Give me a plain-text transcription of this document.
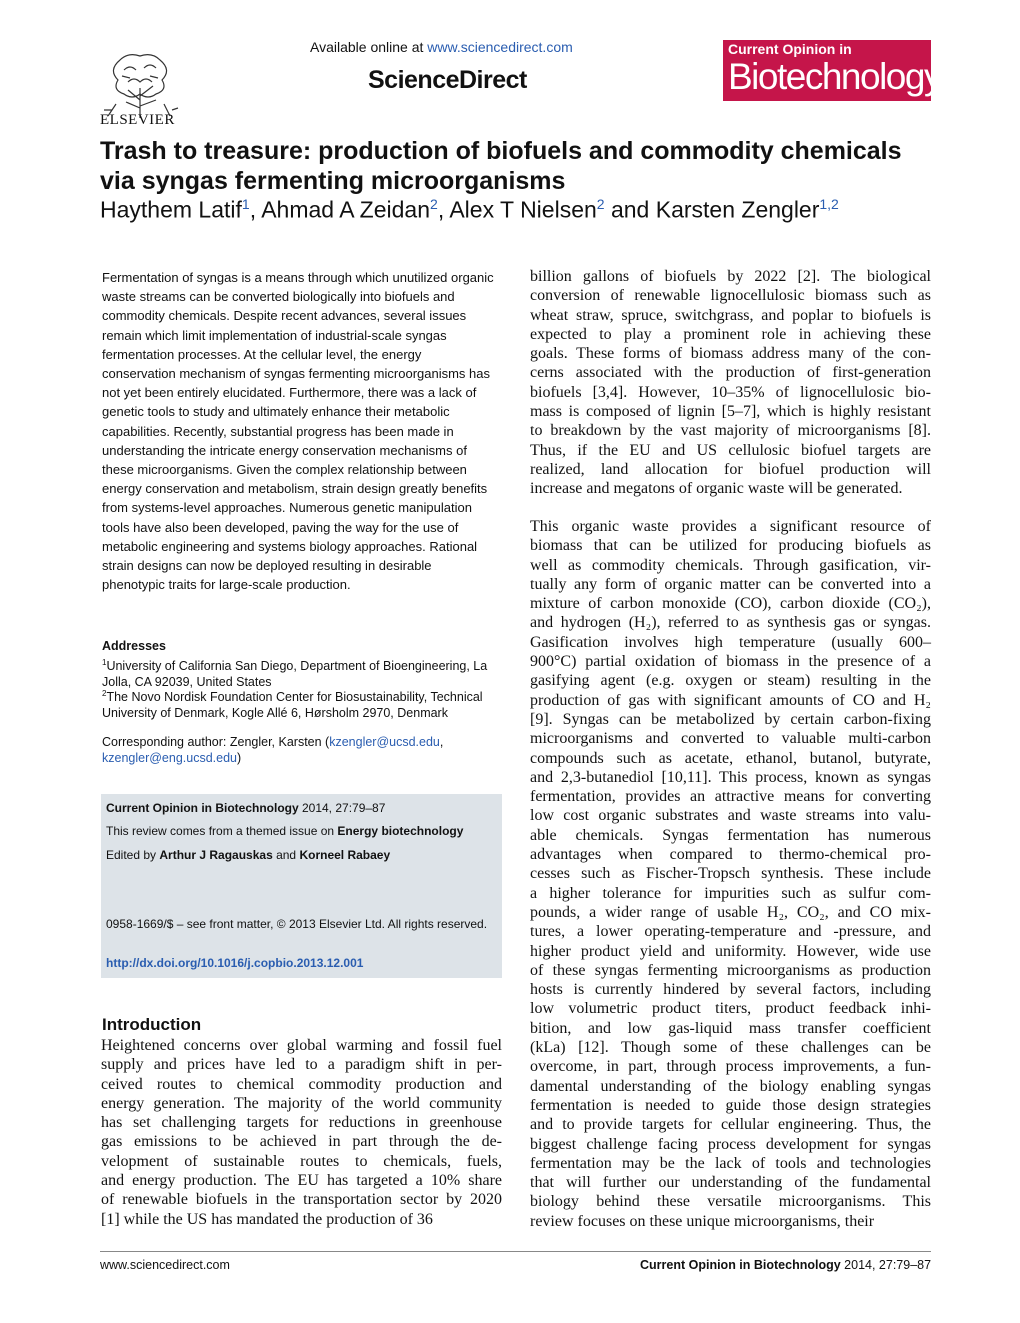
ELSEVIER
Available online at www.sciencedirect.com
ScienceDirect
Current Opinion in
Biotechnology
Trash to treasure: production of biofuels and commodity chemicals via syngas fermenting microorganisms
Haythem Latif$^1$, Ahmad A Zeidan$^2$, Alex T Nielsen$^2$ and Karsten Zengler$^{1,2}$
Fermentation of syngas is a means through which unutilized organic waste streams can be converted biologically into biofuels and commodity chemicals. Despite recent advances, several issues remain which limit implementation of industrial-scale syngas fermentation processes. At the cellular level, the energy conservation mechanism of syngas fermenting microorganisms has not yet been entirely elucidated. Furthermore, there was a lack of genetic tools to study and ultimately enhance their metabolic capabilities. Recently, substantial progress has been made in understanding the intricate energy conservation mechanisms of these microorganisms. Given the complex relationship between energy conservation and metabolism, strain design greatly benefits from systems-level approaches. Numerous genetic manipulation tools have also been developed, paving the way for the use of metabolic engineering and systems biology approaches. Rational strain designs can now be deployed resulting in desirable phenotypic traits for large-scale production.
Addresses
$^1$University of California San Diego, Department of Bioengineering, La Jolla, CA 92039, United States
$^2$The Novo Nordisk Foundation Center for Biosustainability, Technical University of Denmark, Kogle Allé 6, Hørsholm 2970, Denmark
Corresponding author: Zengler, Karsten (kzengler@ucsd.edu,
kzengler@eng.ucsd.edu)
Current Opinion in Biotechnology 2014, 27:79–87
This review comes from a themed issue on Energy biotechnology
Edited by Arthur J Ragauskas and Korneel Rabaey
0958-1669/$ – see front matter, © 2013 Elsevier Ltd. All rights reserved.
http://dx.doi.org/10.1016/j.copbio.2013.12.001
Introduction
Heightened concerns over global warming and fossil fuel
supply and prices have led to a paradigm shift in per-
ceived routes to chemical commodity production and
energy generation. The majority of the world community
has set challenging targets for reductions in greenhouse
gas emissions to be achieved in part through the de-
velopment of sustainable routes to chemicals, fuels,
and energy production. The EU has targeted a 10% share
of renewable biofuels in the transportation sector by 2020
[1] while the US has mandated the production of 36
billion gallons of biofuels by 2022 [2]. The biological
conversion of renewable lignocellulosic biomass such as
wheat straw, spruce, switchgrass, and poplar to biofuels is
expected to play a prominent role in achieving these
goals. These forms of biomass address many of the con-
cerns associated with the production of first-generation
biofuels [3,4]. However, 10–35% of lignocellulosic bio-
mass is composed of lignin [5–7], which is highly resistant
to breakdown by the vast majority of microorganisms [8].
Thus, if the EU and US cellulosic biofuel targets are
realized, land allocation for biofuel production will
increase and megatons of organic waste will be generated.
This organic waste provides a significant resource of
biomass that can be utilized for producing biofuels as
well as commodity chemicals. Through gasification, vir-
tually any form of organic matter can be converted into a
mixture of carbon monoxide (CO), carbon dioxide (CO₂),
and hydrogen (H₂), referred to as synthesis gas or syngas.
Gasification involves high temperature (usually 600–
900°C) partial oxidation of biomass in the presence of a
gasifying agent (e.g. oxygen or steam) resulting in the
production of gas with significant amounts of CO and H₂
[9]. Syngas can be metabolized by certain carbon-fixing
microorganisms and converted to valuable multi-carbon
compounds such as acetate, ethanol, butanol, butyrate,
and 2,3-butanediol [10,11]. This process, known as syngas
fermentation, provides an attractive means for converting
low cost organic substrates and waste streams into valu-
able chemicals. Syngas fermentation has numerous
advantages when compared to thermo-chemical pro-
cesses such as Fischer-Tropsch synthesis. These include
a higher tolerance for impurities such as sulfur com-
pounds, a wider range of usable H₂, CO₂, and CO mix-
tures, a lower operating-temperature and -pressure, and
higher product yield and uniformity. However, wide use
of these syngas fermenting microorganisms as production
hosts is currently hindered by several factors, including
low volumetric product titers, product feedback inhi-
bition, and low gas-liquid mass transfer coefficient
(kLa) [12]. Though some of these challenges can be
overcome, in part, through process improvements, a fun-
damental understanding of the biology enabling syngas
fermentation is needed to guide those design strategies
and to provide targets for cellular engineering. Thus, the
biggest challenge facing process development for syngas
fermentation may be the lack of tools and technologies
that will further our understanding of the fundamental
biology behind these versatile microorganisms. This
review focuses on these unique microorganisms, their
www.sciencedirect.com	Current Opinion in Biotechnology 2014, 27:79–87
